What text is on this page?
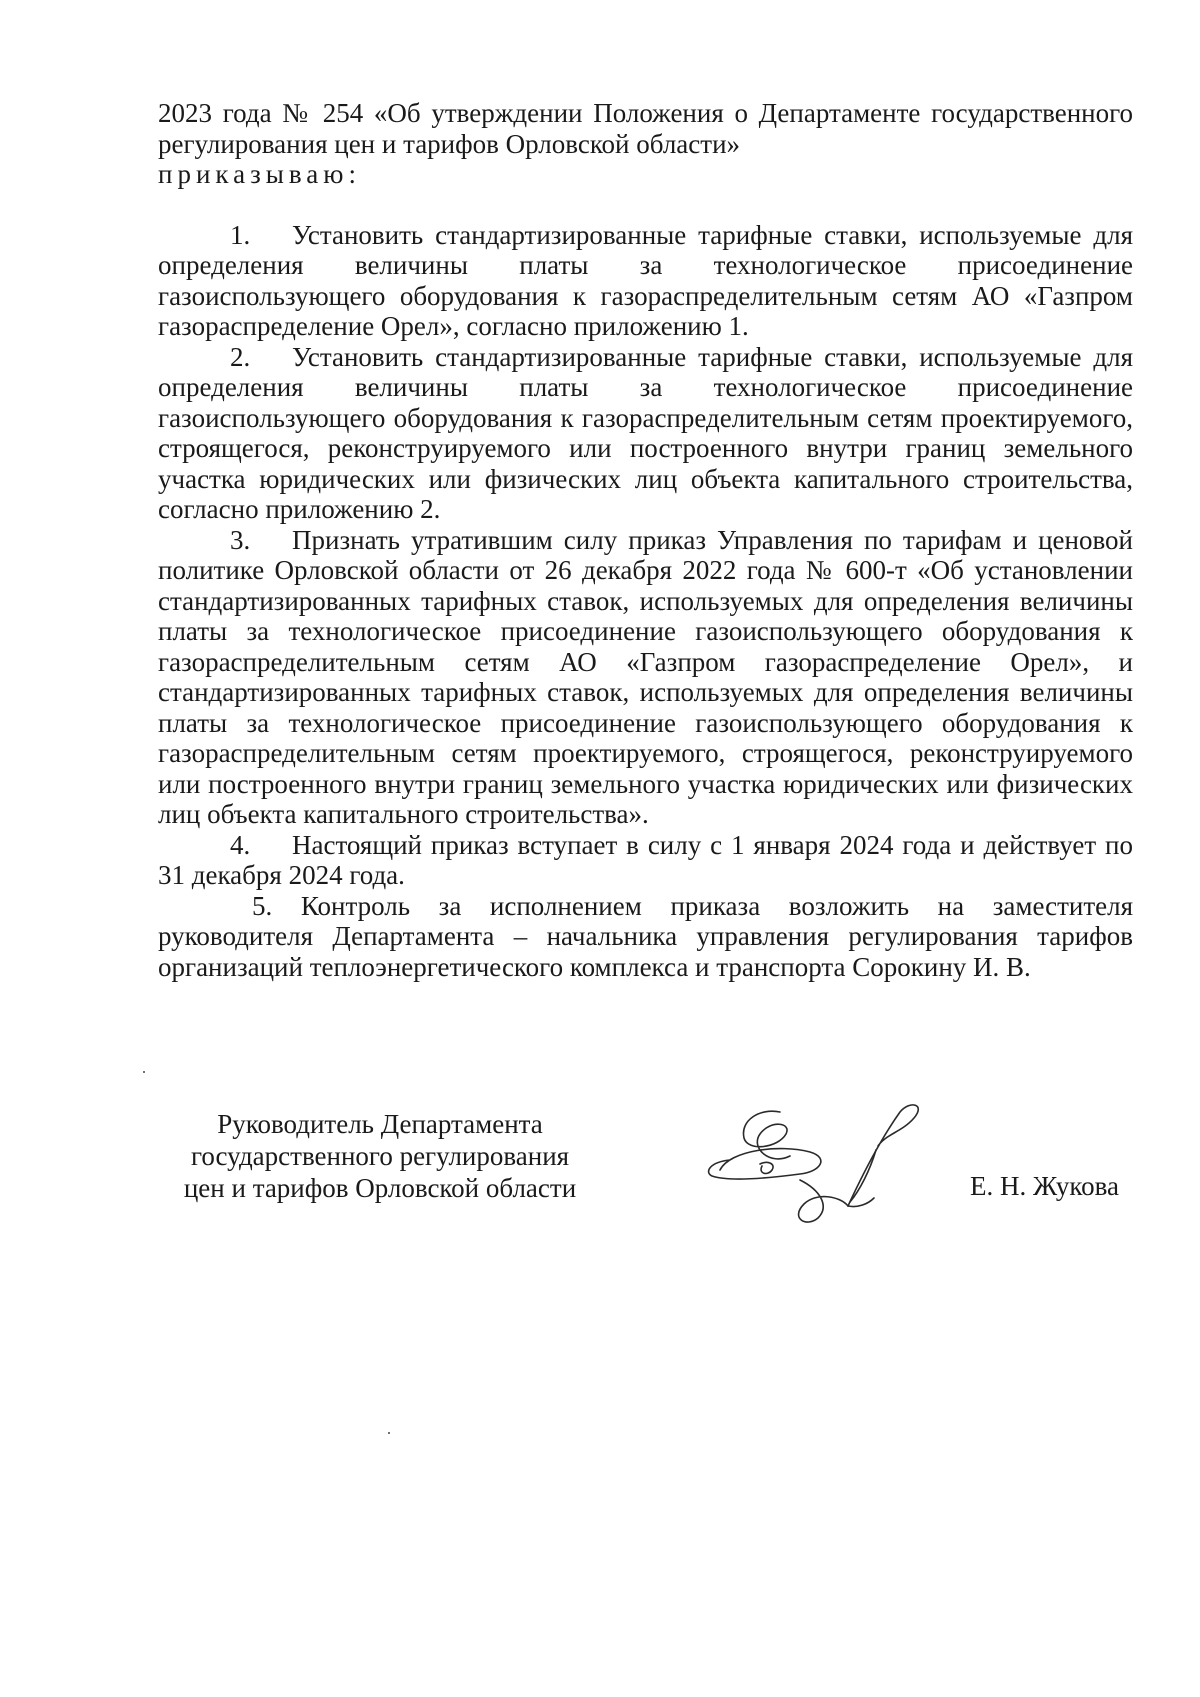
2023 года № 254 «Об утверждении Положения о Департаменте государственного регулирования цен и тарифов Орловской области»

приказываю:

1. Установить стандартизированные тарифные ставки, используемые для определения величины платы за технологическое присоединение газоиспользующего оборудования к газораспределительным сетям АО «Газпром газораспределение Орел», согласно приложению 1.

2. Установить стандартизированные тарифные ставки, используемые для определения величины платы за технологическое присоединение газоиспользующего оборудования к газораспределительным сетям проектируемого, строящегося, реконструируемого или построенного внутри границ земельного участка юридических или физических лиц объекта капитального строительства, согласно приложению 2.

3. Признать утратившим силу приказ Управления по тарифам и ценовой политике Орловской области от 26 декабря 2022 года № 600-т «Об установлении стандартизированных тарифных ставок, используемых для определения величины платы за технологическое присоединение газоиспользующего оборудования к газораспределительным сетям АО «Газпром газораспределение Орел», и стандартизированных тарифных ставок, используемых для определения величины платы за технологическое присоединение газоиспользующего оборудования к газораспределительным сетям проектируемого, строящегося, реконструируемого или построенного внутри границ земельного участка юридических или физических лиц объекта капитального строительства».

4. Настоящий приказ вступает в силу с 1 января 2024 года и действует по 31 декабря 2024 года.

5. Контроль за исполнением приказа возложить на заместителя руководителя Департамента – начальника управления регулирования тарифов организаций теплоэнергетического комплекса и транспорта Сорокину И. В.

Руководитель Департамента
государственного регулирования
цен и тарифов Орловской области	Е. Н. Жукова
